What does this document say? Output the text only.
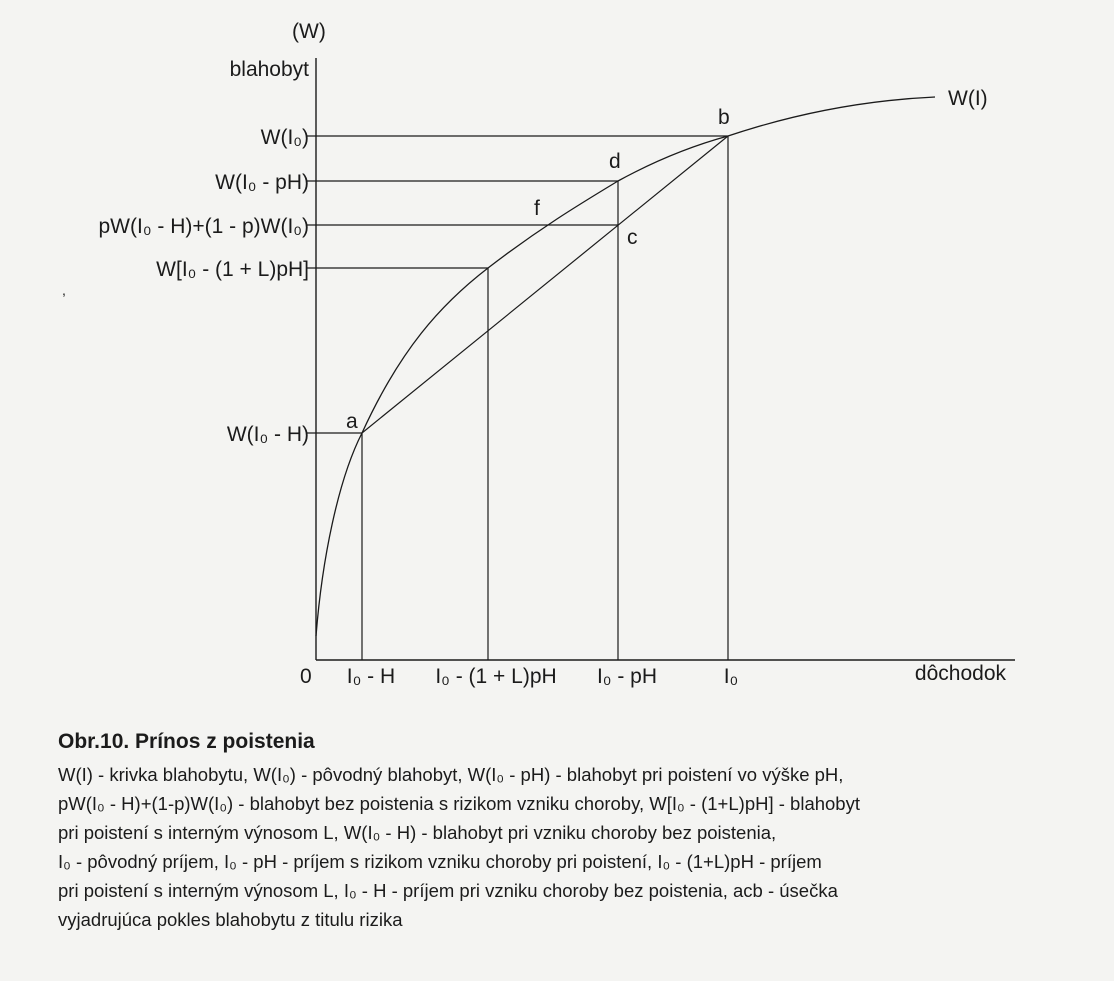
(W)
blahobyt
W(I₀)
W(I₀ - pH)
pW(I₀ - H)+(1 - p)W(I₀)
W[I₀ - (1 + L)pH]
W(I₀ - H)
0 I₀ - H I₀ - (1 + L)pH I₀ - pH	I₀	dôchodok
a
b
c
d
f
W(I)
,
Obr.10. Prínos z poistenia
W(I) - krivka blahobytu, W(I₀) - pôvodný blahobyt, W(I₀ - pH) - blahobyt pri poistení vo výške pH,
pW(I₀ - H)+(1-p)W(I₀) - blahobyt bez poistenia s rizikom vzniku choroby, W[I₀ - (1+L)pH] - blahobyt
pri poistení s interným výnosom L, W(I₀ - H) - blahobyt pri vzniku choroby bez poistenia,
I₀ - pôvodný príjem, I₀ - pH - príjem s rizikom vzniku choroby pri poistení, I₀ - (1+L)pH - príjem
pri poistení s interným výnosom L, I₀ - H - príjem pri vzniku choroby bez poistenia, acb - úsečka
vyjadrujúca pokles blahobytu z titulu rizika
